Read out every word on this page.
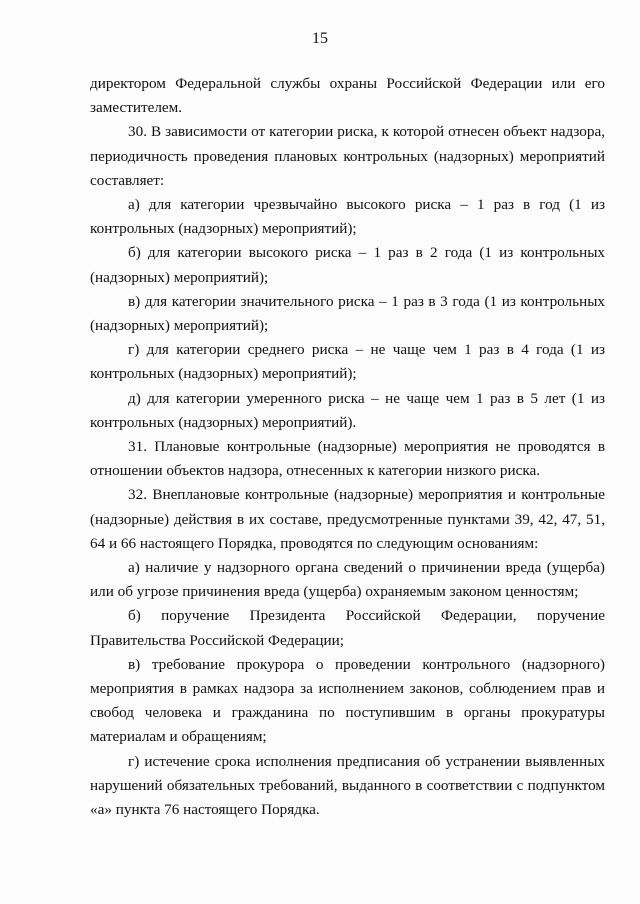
15

директором Федеральной службы охраны Российской Федерации или его заместителем.

30. В зависимости от категории риска, к которой отнесен объект надзора, периодичность проведения плановых контрольных (надзорных) мероприятий составляет:

а) для категории чрезвычайно высокого риска – 1 раз в год (1 из контрольных (надзорных) мероприятий);

б) для категории высокого риска – 1 раз в 2 года (1 из контрольных (надзорных) мероприятий);

в) для категории значительного риска – 1 раз в 3 года (1 из контрольных (надзорных) мероприятий);

г) для категории среднего риска – не чаще чем 1 раз в 4 года (1 из контрольных (надзорных) мероприятий);

д) для категории умеренного риска – не чаще чем 1 раз в 5 лет (1 из контрольных (надзорных) мероприятий).

31. Плановые контрольные (надзорные) мероприятия не проводятся в отношении объектов надзора, отнесенных к категории низкого риска.

32. Внеплановые контрольные (надзорные) мероприятия и контрольные (надзорные) действия в их составе, предусмотренные пунктами 39, 42, 47, 51, 64 и 66 настоящего Порядка, проводятся по следующим основаниям:

а) наличие у надзорного органа сведений о причинении вреда (ущерба) или об угрозе причинения вреда (ущерба) охраняемым законом ценностям;

б) поручение Президента Российской Федерации, поручение Правительства Российской Федерации;

в) требование прокурора о проведении контрольного (надзорного) мероприятия в рамках надзора за исполнением законов, соблюдением прав и свобод человека и гражданина по поступившим в органы прокуратуры материалам и обращениям;

г) истечение срока исполнения предписания об устранении выявленных нарушений обязательных требований, выданного в соответствии с подпунктом «а» пункта 76 настоящего Порядка.
